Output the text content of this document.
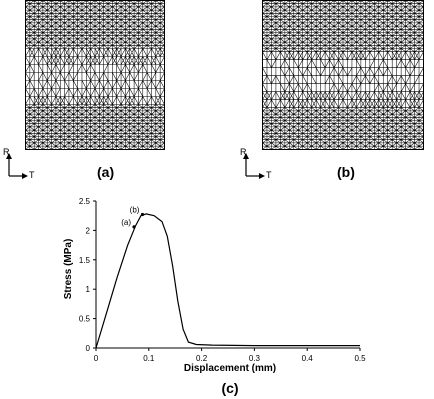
R
T	(a)
R
T	(b)
0	0.1	0.2	0.3	0.4	0.5
0
0.5
1
1.5
2
2.5
(a)
(b)
Displacement (mm)
Stress (MPa)
(c)
